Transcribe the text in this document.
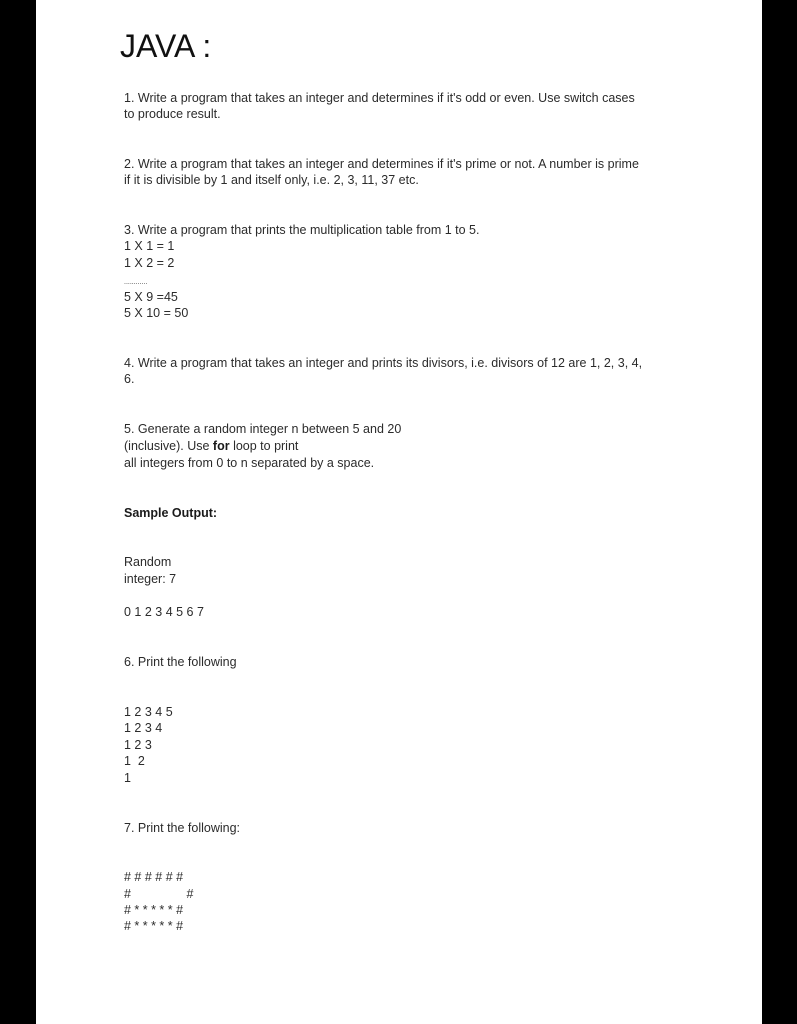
JAVA :

1. Write a program that takes an integer and determines if it's odd or even. Use switch cases

to produce result.

2. Write a program that takes an integer and determines if it's prime or not. A number is prime

if it is divisible by 1 and itself only, i.e. 2, 3, 11, 37 etc.

3. Write a program that prints the multiplication table from 1 to 5.

1 X 1 = 1

1 X 2 = 2

............

5 X 9 =45

5 X 10 = 50

4. Write a program that takes an integer and prints its divisors, i.e. divisors of 12 are 1, 2, 3, 4,

6.

5. Generate a random integer n between 5 and 20

(inclusive). Use for loop to print

all integers from 0 to n separated by a space.

Sample Output:

Random

integer: 7

0 1 2 3 4 5 6 7

6. Print the following

1 2 3 4 5

1 2 3 4

1 2 3

1  2

1

7. Print the following:

# # # # # #

#                #

# * * * * * #

# * * * * * #
